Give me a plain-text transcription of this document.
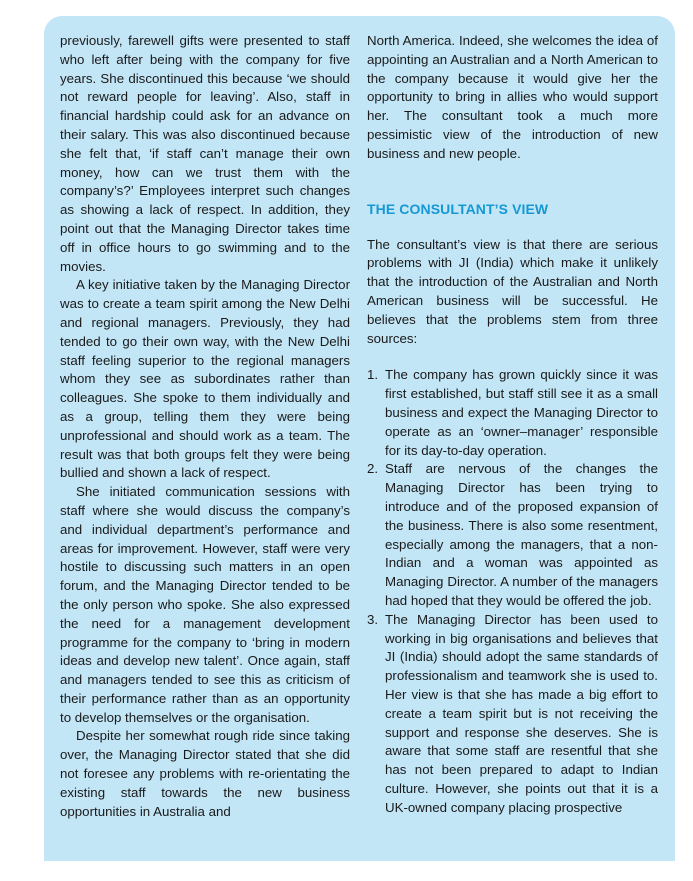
previously, farewell gifts were presented to staff who left after being with the company for five years. She discontinued this because ‘we should not reward people for leaving’. Also, staff in financial hardship could ask for an advance on their salary. This was also discontinued because she felt that, ‘if staff can’t manage their own money, how can we trust them with the company’s?’ Employees interpret such changes as showing a lack of respect. In addition, they point out that the Managing Director takes time off in office hours to go swimming and to the movies.

A key initiative taken by the Managing Director was to create a team spirit among the New Delhi and regional managers. Previously, they had tended to go their own way, with the New Delhi staff feeling superior to the regional managers whom they see as subordinates rather than colleagues. She spoke to them individually and as a group, telling them they were being unprofessional and should work as a team. The result was that both groups felt they were being bullied and shown a lack of respect.

She initiated communication sessions with staff where she would discuss the company’s and individual department’s performance and areas for improvement. However, staff were very hostile to discussing such matters in an open forum, and the Managing Director tended to be the only person who spoke. She also expressed the need for a management development programme for the company to ‘bring in modern ideas and develop new talent’. Once again, staff and managers tended to see this as criticism of their performance rather than as an opportunity to develop themselves or the organisation.

Despite her somewhat rough ride since taking over, the Managing Director stated that she did not foresee any problems with re-orientating the existing staff towards the new business opportunities in Australia and

North America. Indeed, she welcomes the idea of appointing an Australian and a North American to the company because it would give her the opportunity to bring in allies who would support her. The consultant took a much more pessimistic view of the introduction of new business and new people.

THE CONSULTANT’S VIEW

The consultant’s view is that there are serious problems with JI (India) which make it unlikely that the introduction of the Australian and North American business will be successful. He believes that the problems stem from three sources:

1. The company has grown quickly since it was first established, but staff still see it as a small business and expect the Managing Director to operate as an ‘owner–manager’ responsible for its day-to-day operation.
2. Staff are nervous of the changes the Managing Director has been trying to introduce and of the proposed expansion of the business. There is also some resentment, especially among the managers, that a non-Indian and a woman was appointed as Managing Director. A number of the managers had hoped that they would be offered the job.
3. The Managing Director has been used to working in big organisations and believes that JI (India) should adopt the same standards of professionalism and teamwork she is used to. Her view is that she has made a big effort to create a team spirit but is not receiving the support and response she deserves. She is aware that some staff are resentful that she has not been prepared to adapt to Indian culture. However, she points out that it is a UK-owned company placing prospective
